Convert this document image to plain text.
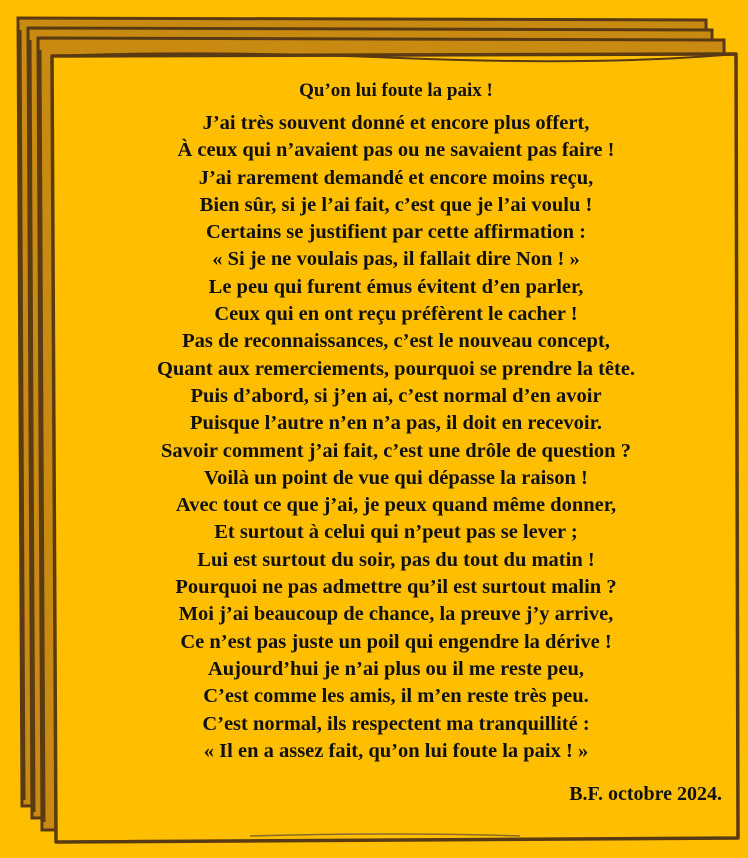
Qu’on lui foute la paix !
J’ai très souvent donné et encore plus offert,
À ceux qui n’avaient pas ou ne savaient pas faire !
J’ai rarement demandé et encore moins reçu,
Bien sûr, si je l’ai fait, c’est que je l’ai voulu !
Certains se justifient par cette affirmation :
« Si je ne voulais pas, il fallait dire Non ! »
Le peu qui furent émus évitent d’en parler,
Ceux qui en ont reçu préfèrent le cacher !
Pas de reconnaissances, c’est le nouveau concept,
Quant aux remerciements, pourquoi se prendre la tête.
Puis d’abord, si j’en ai, c’est normal d’en avoir
Puisque l’autre n’en n’a pas, il doit en recevoir.
Savoir comment j’ai fait, c’est une drôle de question ?
Voilà un point de vue qui dépasse la raison !
Avec tout ce que j’ai, je peux quand même donner,
Et surtout à celui qui n’peut pas se lever ;
Lui est surtout du soir, pas du tout du matin !
Pourquoi ne pas admettre qu’il est surtout malin ?
Moi j’ai beaucoup de chance, la preuve j’y arrive,
Ce n’est pas juste un poil qui engendre la dérive !
Aujourd’hui je n’ai plus ou il me reste peu,
C’est comme les amis, il m’en reste très peu.
C’est normal, ils respectent ma tranquillité :
« Il en a assez fait, qu’on lui foute la paix ! »
B.F. octobre 2024.
